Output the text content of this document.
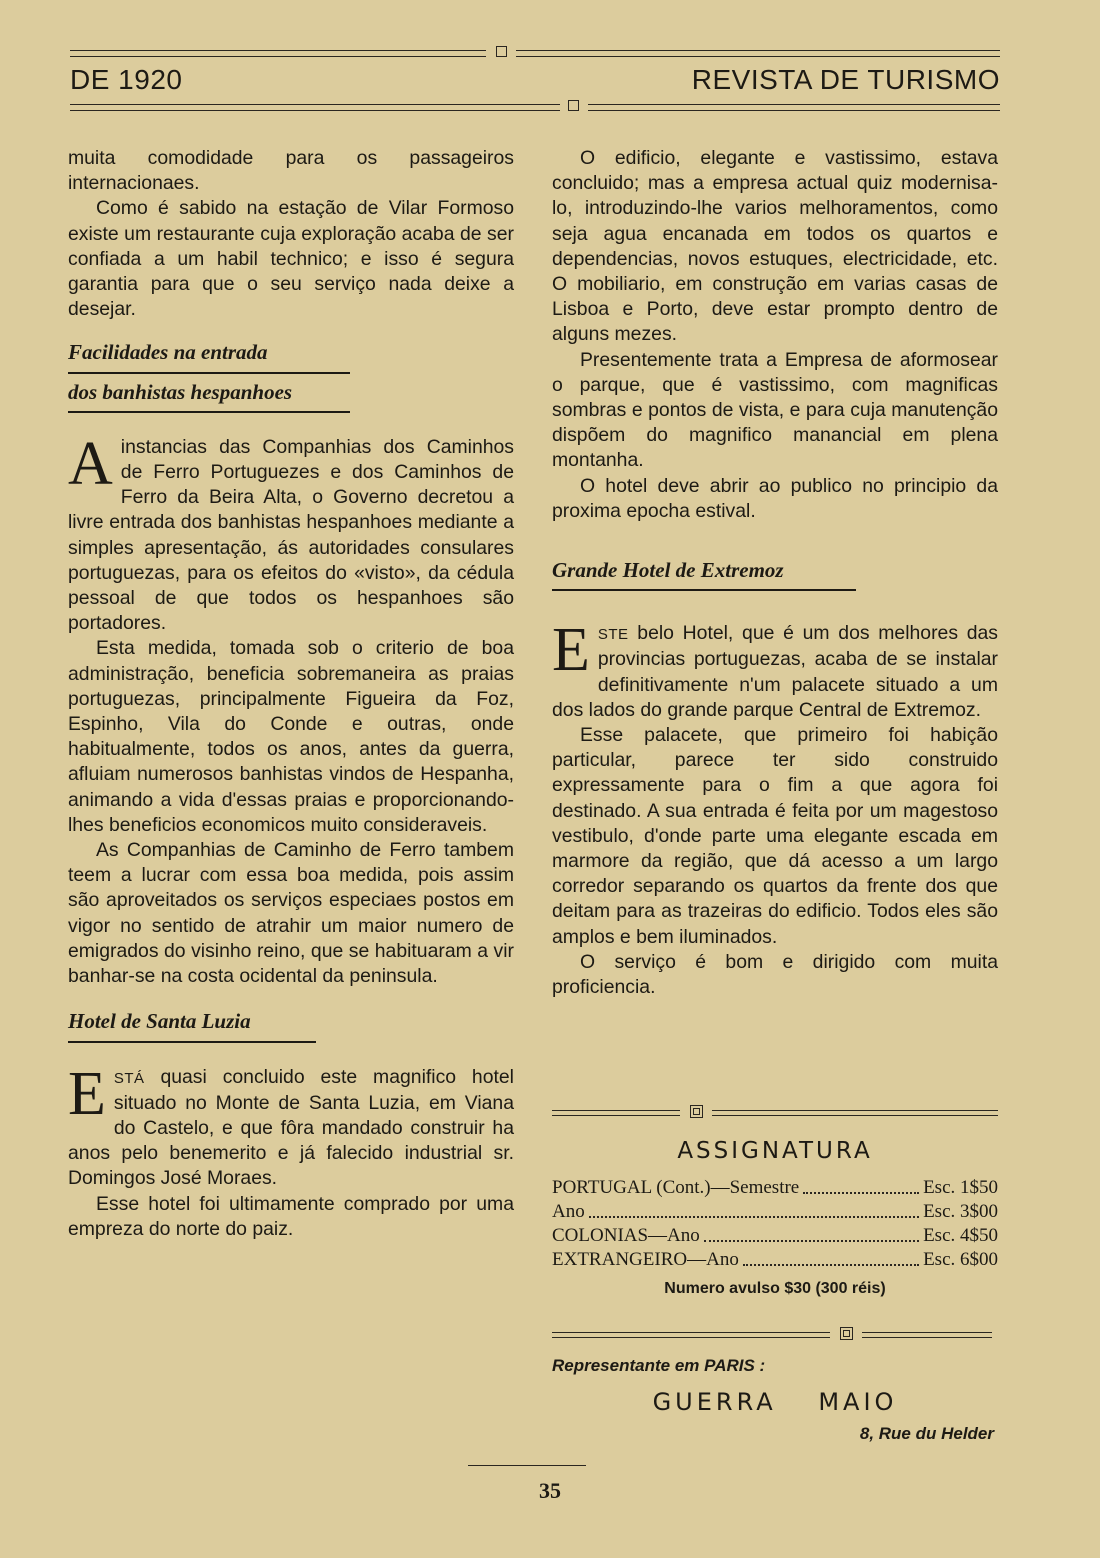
DE 1920	REVISTA DE TURISMO

muita comodidade para os passageiros internacionaes.

Como é sabido na estação de Vilar Formoso existe um restaurante cuja exploração acaba de ser confiada a um habil technico; e isso é segura garantia para que o seu serviço nada deixe a desejar.

Facilidades na entrada
dos banhistas hespanhoes

Ainstancias das Companhias dos Caminhos de Ferro Portuguezes e dos Caminhos de Ferro da Beira Alta, o Governo decretou a livre entrada dos banhistas hespanhoes mediante a simples apresentação, ás autoridades consulares portuguezas, para os efeitos do «visto», da cédula pessoal de que todos os hespanhoes são portadores.

Esta medida, tomada sob o criterio de boa administração, beneficia sobremaneira as praias portuguezas, principalmente Figueira da Foz, Espinho, Vila do Conde e outras, onde habitualmente, todos os anos, antes da guerra, afluiam numerosos banhistas vindos de Hespanha, animando a vida d'essas praias e proporcionando-lhes beneficios economicos muito consideraveis.

As Companhias de Caminho de Ferro tambem teem a lucrar com essa boa medida, pois assim são aproveitados os serviços especiaes postos em vigor no sentido de atrahir um maior numero de emigrados do visinho reino, que se habituaram a vir banhar-se na costa ocidental da peninsula.

Hotel de Santa Luzia

ESTÁ quasi concluido este magnifico hotel situado no Monte de Santa Luzia, em Viana do Castelo, e que fôra mandado construir ha anos pelo benemerito e já falecido industrial sr. Domingos José Moraes.

Esse hotel foi ultimamente comprado por uma empreza do norte do paiz.

O edificio, elegante e vastissimo, estava concluido; mas a empresa actual quiz modernisa-lo, introduzindo-lhe varios melhoramentos, como seja agua encanada em todos os quartos e dependencias, novos estuques, electricidade, etc. O mobiliario, em construção em varias casas de Lisboa e Porto, deve estar prompto dentro de alguns mezes.

Presentemente trata a Empresa de aformosear o parque, que é vastissimo, com magnificas sombras e pontos de vista, e para cuja manutenção dispõem do magnifico manancial em plena montanha.

O hotel deve abrir ao publico no principio da proxima epocha estival.

Grande Hotel de Extremoz

ESTE belo Hotel, que é um dos melhores das provincias portuguezas, acaba de se instalar definitivamente n'um palacete situado a um dos lados do grande parque Central de Extremoz.

Esse palacete, que primeiro foi habição particular, parece ter sido construido expressamente para o fim a que agora foi destinado. A sua entrada é feita por um magestoso vestibulo, d'onde parte uma elegante escada em marmore da região, que dá acesso a um largo corredor separando os quartos da frente dos que deitam para as trazeiras do edificio. Todos eles são amplos e bem iluminados.

O serviço é bom e dirigido com muita proficiencia.

ASSIGNATURA
PORTUGAL (Cont.)—Semestre	Esc. 1$50
Ano	Esc. 3$00
COLONIAS—Ano	Esc. 4$50
EXTRANGEIRO—Ano	Esc. 6$00
Numero avulso $30 (300 réis)
Representante em PARIS :
GUERRA MAIO
8, Rue du Helder
35
